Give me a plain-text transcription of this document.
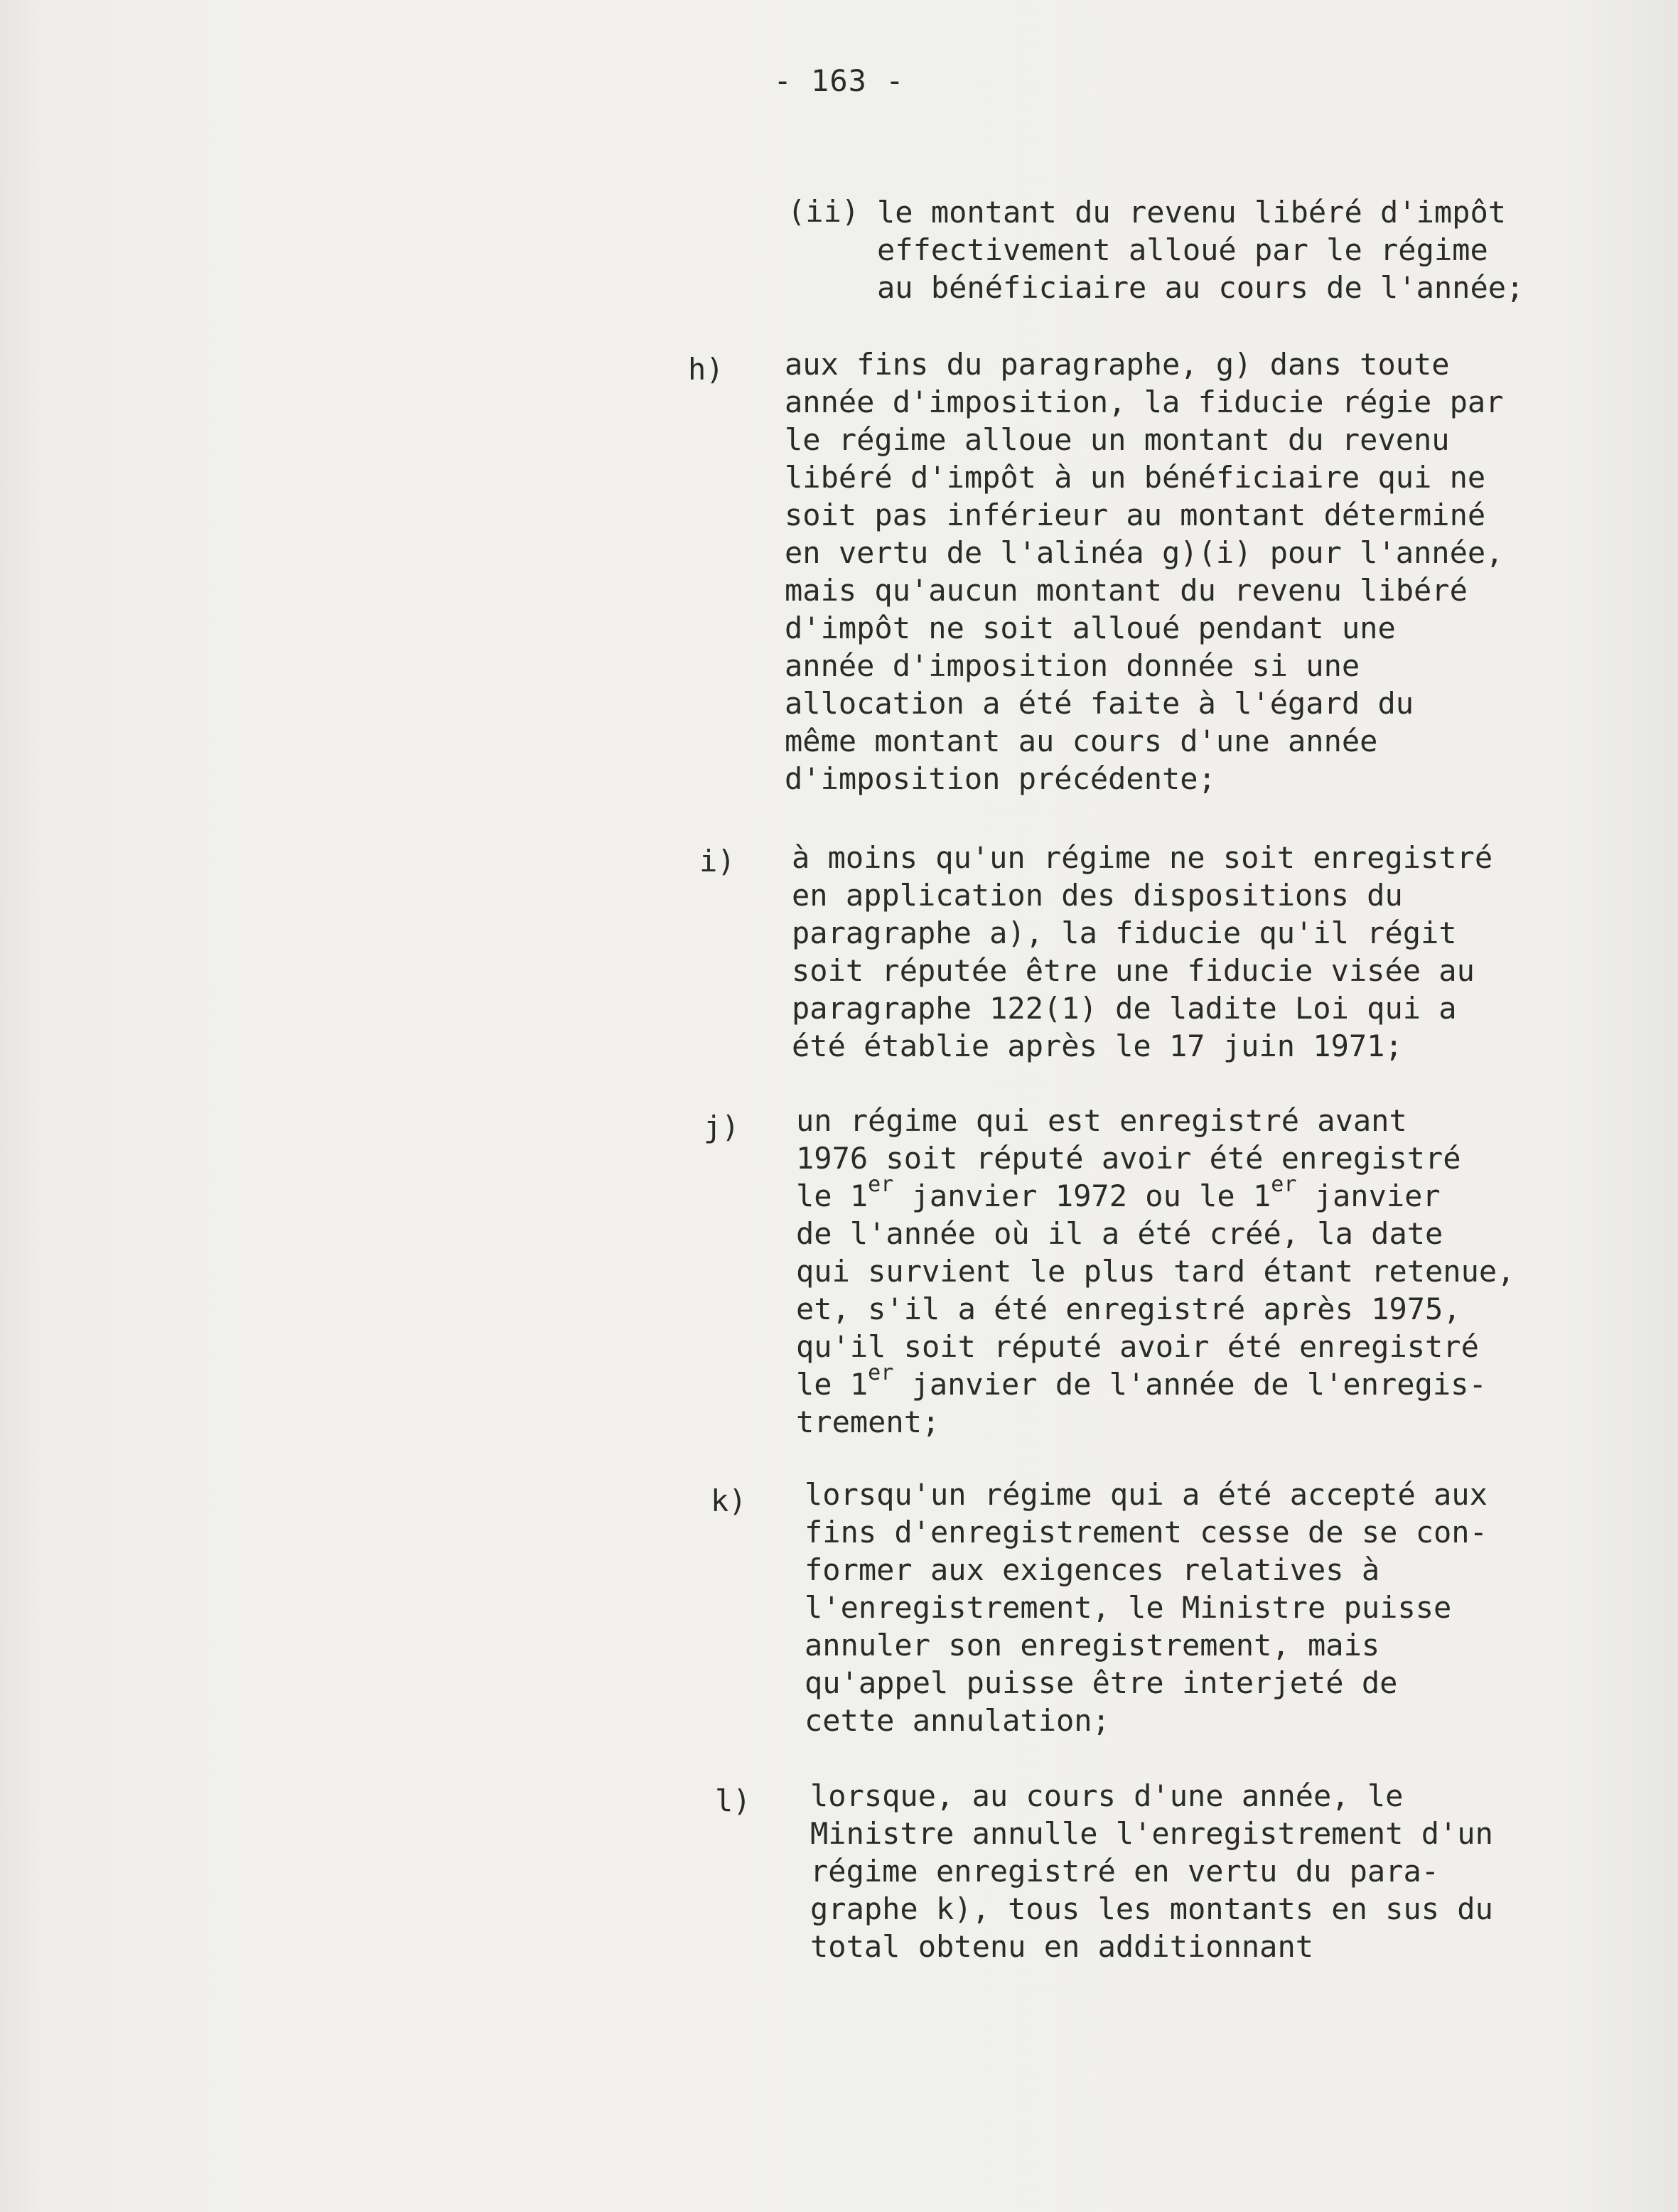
- 163 -
(ii) le montant du revenu libéré d'impôt
effectivement alloué par le régime
au bénéficiaire au cours de l'année;
h) aux fins du paragraphe, g) dans toute
année d'imposition, la fiducie régie par
le régime alloue un montant du revenu
libéré d'impôt à un bénéficiaire qui ne
soit pas inférieur au montant déterminé
en vertu de l'alinéa g)(i) pour l'année,
mais qu'aucun montant du revenu libéré
d'impôt ne soit alloué pendant une
année d'imposition donnée si une
allocation a été faite à l'égard du
même montant au cours d'une année
d'imposition précédente;
i) à moins qu'un régime ne soit enregistré
en application des dispositions du
paragraphe a), la fiducie qu'il régit
soit réputée être une fiducie visée au
paragraphe 122(1) de ladite Loi qui a
été établie après le 17 juin 1971;
j) un régime qui est enregistré avant
1976 soit réputé avoir été enregistré
le 1er janvier 1972 ou le 1er janvier
de l'année où il a été créé, la date
qui survient le plus tard étant retenue,
et, s'il a été enregistré après 1975,
qu'il soit réputé avoir été enregistré
le 1er janvier de l'année de l'enregis-
trement;
k) lorsqu'un régime qui a été accepté aux
fins d'enregistrement cesse de se con-
former aux exigences relatives à
l'enregistrement, le Ministre puisse
annuler son enregistrement, mais
qu'appel puisse être interjeté de
cette annulation;
l) lorsque, au cours d'une année, le
Ministre annulle l'enregistrement d'un
régime enregistré en vertu du para-
graphe k), tous les montants en sus du
total obtenu en additionnant
